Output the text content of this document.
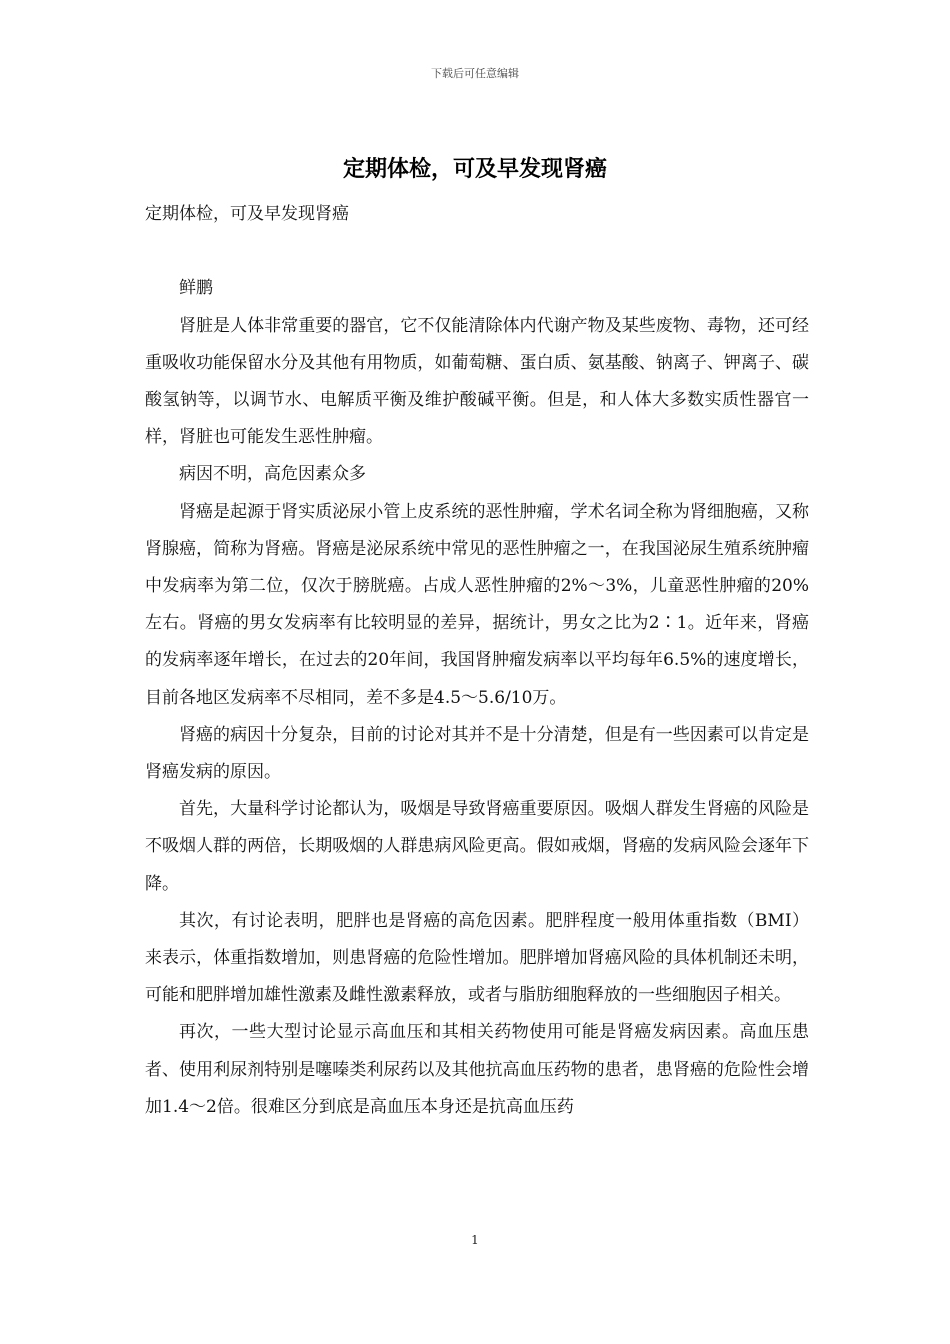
下载后可任意编辑
定期体检，可及早发现肾癌

定期体检，可及早发现肾癌

鲜鹏

肾脏是人体非常重要的器官，它不仅能清除体内代谢产物及某些废物、毒物，还可经重吸收功能保留水分及其他有用物质，如葡萄糖、蛋白质、氨基酸、钠离子、钾离子、碳酸氢钠等，以调节水、电解质平衡及维护酸碱平衡。但是，和人体大多数实质性器官一样，肾脏也可能发生恶性肿瘤。

病因不明，高危因素众多

肾癌是起源于肾实质泌尿小管上皮系统的恶性肿瘤，学术名词全称为肾细胞癌，又称肾腺癌，简称为肾癌。肾癌是泌尿系统中常见的恶性肿瘤之一，在我国泌尿生殖系统肿瘤中发病率为第二位，仅次于膀胱癌。占成人恶性肿瘤的2%～3%，儿童恶性肿瘤的20%左右。肾癌的男女发病率有比较明显的差异，据统计，男女之比为2∶1。近年来，肾癌的发病率逐年增长，在过去的20年间，我国肾肿瘤发病率以平均每年6.5%的速度增长，目前各地区发病率不尽相同，差不多是4.5～5.6/10万。

肾癌的病因十分复杂，目前的讨论对其并不是十分清楚，但是有一些因素可以肯定是肾癌发病的原因。

首先，大量科学讨论都认为，吸烟是导致肾癌重要原因。吸烟人群发生肾癌的风险是不吸烟人群的两倍，长期吸烟的人群患病风险更高。假如戒烟，肾癌的发病风险会逐年下降。

其次，有讨论表明，肥胖也是肾癌的高危因素。肥胖程度一般用体重指数（BMI）来表示，体重指数增加，则患肾癌的危险性增加。肥胖增加肾癌风险的具体机制还未明，可能和肥胖增加雄性激素及雌性激素释放，或者与脂肪细胞释放的一些细胞因子相关。

再次，一些大型讨论显示高血压和其相关药物使用可能是肾癌发病因素。高血压患者、使用利尿剂特别是噻嗪类利尿药以及其他抗高血压药物的患者，患肾癌的危险性会增加1.4～2倍。很难区分到底是高血压本身还是抗高血压药

1
